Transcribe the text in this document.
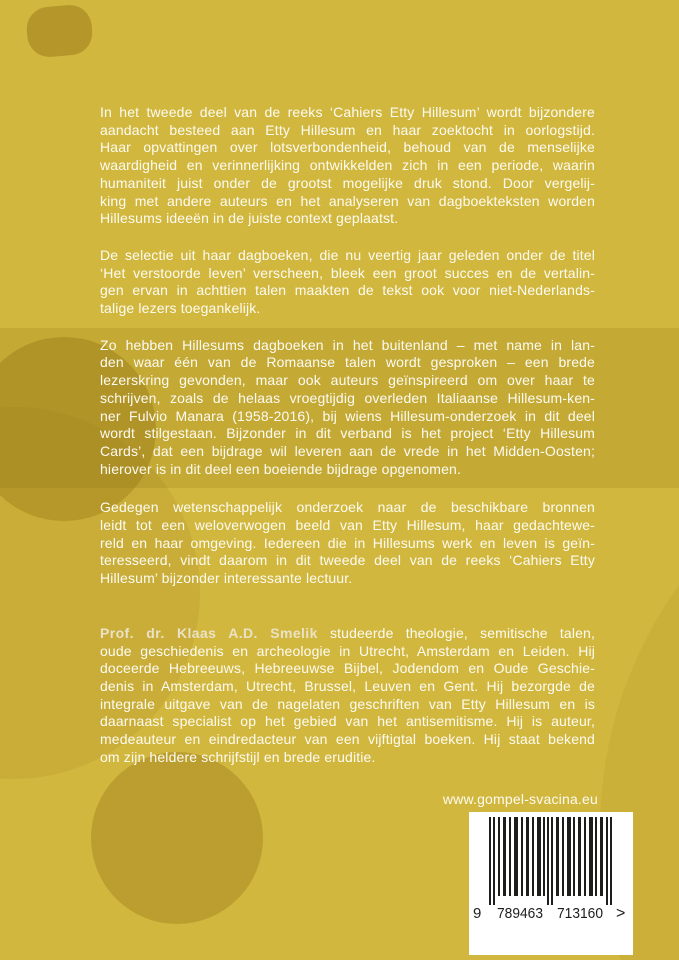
In het tweede deel van de reeks ‘Cahiers Etty Hillesum’ wordt bijzondere
aandacht besteed aan Etty Hillesum en haar zoektocht in oorlogstijd.
Haar opvattingen over lotsverbondenheid, behoud van de menselijke
waardigheid en verinnerlijking ontwikkelden zich in een periode, waarin
humaniteit juist onder de grootst mogelijke druk stond. Door vergelij-
king met andere auteurs en het analyseren van dagboekteksten worden
Hillesums ideeën in de juiste context geplaatst.
De selectie uit haar dagboeken, die nu veertig jaar geleden onder de titel
‘Het verstoorde leven’ verscheen, bleek een groot succes en de vertalin-
gen ervan in achttien talen maakten de tekst ook voor niet-Nederlands-
talige lezers toegankelijk.
Zo hebben Hillesums dagboeken in het buitenland – met name in lan-
den waar één van de Romaanse talen wordt gesproken – een brede
lezerskring gevonden, maar ook auteurs geïnspireerd om over haar te
schrijven, zoals de helaas vroegtijdig overleden Italiaanse Hillesum-ken-
ner Fulvio Manara (1958-2016), bij wiens Hillesum-onderzoek in dit deel
wordt stilgestaan. Bijzonder in dit verband is het project ‘Etty Hillesum
Cards’, dat een bijdrage wil leveren aan de vrede in het Midden-Oosten;
hierover is in dit deel een boeiende bijdrage opgenomen.
Gedegen wetenschappelijk onderzoek naar de beschikbare bronnen
leidt tot een weloverwogen beeld van Etty Hillesum, haar gedachtewe-
reld en haar omgeving. Iedereen die in Hillesums werk en leven is geïn-
teresseerd, vindt daarom in dit tweede deel van de reeks ‘Cahiers Etty
Hillesum’ bijzonder interessante lectuur.
Prof. dr. Klaas A.D. Smelik studeerde theologie, semitische talen,
oude geschiedenis en archeologie in Utrecht, Amsterdam en Leiden. Hij
doceerde Hebreeuws, Hebreeuwse Bijbel, Jodendom en Oude Geschie-
denis in Amsterdam, Utrecht, Brussel, Leuven en Gent. Hij bezorgde de
integrale uitgave van de nagelaten geschriften van Etty Hillesum en is
daarnaast specialist op het gebied van het antisemitisme. Hij is auteur,
medeauteur en eindredacteur van een vijftigtal boeken. Hij staat bekend
om zijn heldere schrijfstijl en brede eruditie.
www.gompel-svacina.eu
9 789463 713160 >
